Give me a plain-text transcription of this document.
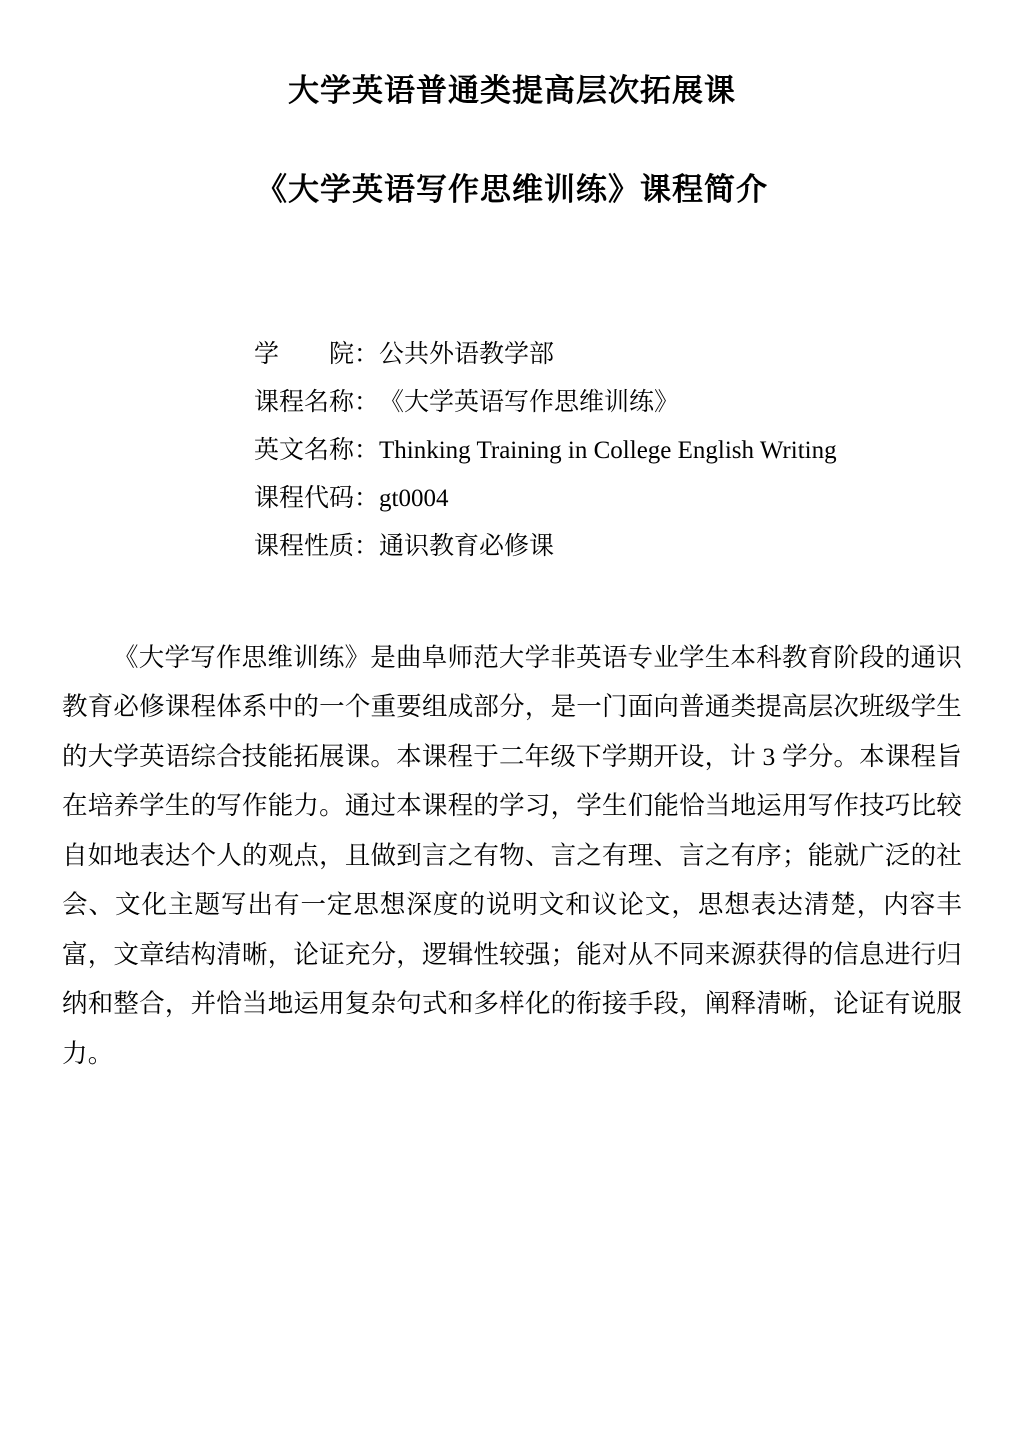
大学英语普通类提高层次拓展课
《大学英语写作思维训练》课程简介
学　　院：公共外语教学部
课程名称：《大学英语写作思维训练》
英文名称：Thinking Training in College English Writing
课程代码：gt0004
课程性质：通识教育必修课

《大学写作思维训练》是曲阜师范大学非英语专业学生本科教育阶段的通识教育必修课程体系中的一个重要组成部分，是一门面向普通类提高层次班级学生的大学英语综合技能拓展课。本课程于二年级下学期开设，计 3 学分。本课程旨在培养学生的写作能力。通过本课程的学习，学生们能恰当地运用写作技巧比较自如地表达个人的观点，且做到言之有物、言之有理、言之有序；能就广泛的社会、文化主题写出有一定思想深度的说明文和议论文，思想表达清楚，内容丰富，文章结构清晰，论证充分，逻辑性较强；能对从不同来源获得的信息进行归纳和整合，并恰当地运用复杂句式和多样化的衔接手段，阐释清晰，论证有说服力。
